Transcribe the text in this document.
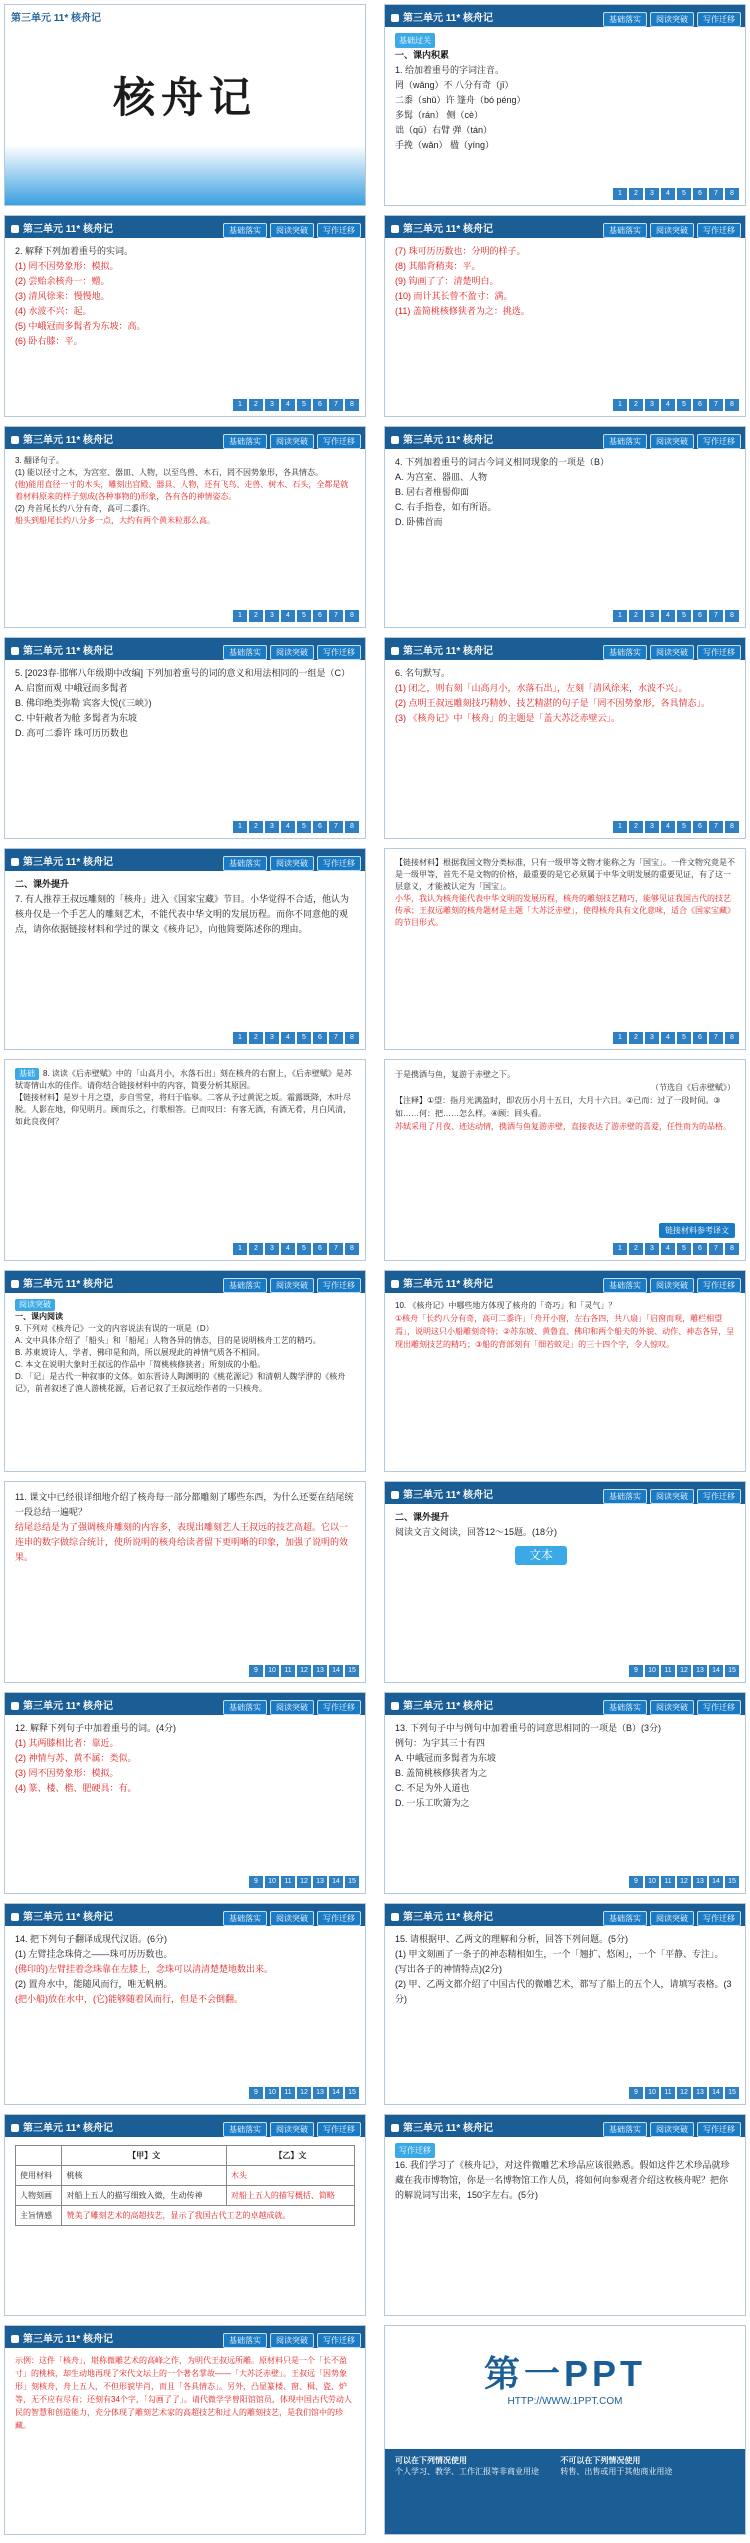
第三单元 11* 核舟记
核舟记
第三单元 11* 核舟记	基础落实 阅读突破 写作迁移
基础过关
一、课内积累
1. 给加着重号的字词注音。
罔（wǎng）不 八分有奇（jī）
二黍（shǔ）许 篷舟（bó péng）
多髯（rán） 侧（cè）
诎（qū）右臂 弹（tán）
手挽（wǎn） 楹（yíng）
1 2 3 4 5 6 7 8
第三单元 11* 核舟记	基础落实 阅读突破 写作迁移
2. 解释下列加着重号的实词。
(1) 罔不因势象形：模拟。
(2) 尝贻余核舟一：赠。
(3) 清风徐来：慢慢地。
(4) 水波不兴：起。
(5) 中峨冠而多髯者为东坡：高。
(6) 卧右膝：平。
1 2 3 4 5 6 7 8
第三单元 11* 核舟记	基础落实 阅读突破 写作迁移
(7) 珠可历历数也：分明的样子。
(8) 其船背稍夷：平。
(9) 钩画了了：清楚明白。
(10) 而计其长曾不盈寸：满。
(11) 盖简桃核修狭者为之：挑选。
1 2 3 4 5 6 7 8
第三单元 11* 核舟记	基础落实 阅读突破 写作迁移
3. 翻译句子。
(1) 能以径寸之木，为宫室、器皿、人物，以至鸟兽、木石，罔不因势象形，各具情态。
(他)能用直径一寸的木头，雕刻出宫殿、器具、人物，还有飞鸟、走兽、树木、石头，全都是就着材料原来的样子刻成(各种事物的)形象，各有各的神情姿态。
(2) 舟首尾长约八分有奇，高可二黍许。
船头到船尾长约八分多一点，大约有两个黄米粒那么高。
1 2 3 4 5 6 7 8
第三单元 11* 核舟记	基础落实 阅读突破 写作迁移
4. 下列加着重号的词古今词义相同现象的一项是（B）
A. 为宫室、器皿、人物
B. 居右者椎髻仰面
C. 右手指卷，如有所语。
D. 卧佛首而
1 2 3 4 5 6 7 8
第三单元 11* 核舟记	基础落实 阅读突破 写作迁移
5. [2023春·邯郸八年级期中改编] 下列加着重号的词的意义和用法相同的一组是（C）
A. 启窗而观 中峨冠而多髯者
B. 佛印绝类弥勒 宾客大悦(《三峡》)
C. 中轩敞者为舱 多髯者为东坡
D. 高可二黍许 珠可历历数也
1 2 3 4 5 6 7 8
第三单元 11* 核舟记	基础落实 阅读突破 写作迁移
6. 名句默写。
(1) 闭之，则右刻「山高月小，水落石出」，左刻「清风徐来，水波不兴」。
(2) 点明王叔远雕刻技巧精妙、技艺精湛的句子是「罔不因势象形，各具情态」。
(3) 《核舟记》中「核舟」的主题是「盖大苏泛赤壁云」。
1 2 3 4 5 6 7 8
第三单元 11* 核舟记	基础落实 阅读突破 写作迁移
二、课外提升
7. 有人推荐王叔远雕刻的「核舟」进入《国家宝藏》节目。小华觉得不合适，他认为核舟仅是一个手艺人的雕刻艺术，不能代表中华文明的发展历程。而你不同意他的观点，请你依据链接材料和学过的课文《核舟记》，向他简要陈述你的理由。
1 2 3 4 5 6 7 8
【链接材料】根据我国文物分类标准，只有一级甲等文物才能称之为「国宝」。一件文物究竟是不是一级甲等，首先不是文物的价格，最重要的是它必须属于中华文明发展的重要见证，有了这一层意义，才能被认定为「国宝」。
小华，我认为核舟能代表中华文明的发展历程，核舟的雕刻技艺精巧，能够见证我国古代的技艺传承；王叔远雕刻的核舟题材是主题「大苏泛赤壁」，使得核舟具有文化意味，适合《国家宝藏》的节目形式。
1 2 3 4 5 6 7 8
基础 8. 读读《后赤壁赋》中的「山高月小，水落石出」刻在核舟的右窗上，《后赤壁赋》是苏轼寄情山水的佳作。请你结合链接材料中的内容，简要分析其原因。
【链接材料】是岁十月之望，步自雪堂，将归于临皋。二客从予过黄泥之坂。霜露既降，木叶尽脱。人影在地，仰见明月。顾而乐之，行歌相答。已而叹曰：有客无酒，有酒无肴，月白风清，如此良夜何？
1 2 3 4 5 6 7 8
于是携酒与鱼，复游于赤壁之下。
（节选自《后赤壁赋》）
【注释】①望：指月光满盈时，即农历小月十五日，大月十六日。②已而：过了一段时间。③如……何：把……怎么样。④顾：回头看。
苏轼采用了月夜、迹达动情，携酒与鱼复游赤壁，直接表达了游赤壁的喜爱，任性而为的品格。
链接材料参考译文
1 2 3 4 5 6 7 8
第三单元 11* 核舟记	基础落实 阅读突破 写作迁移
阅读突破
一、课内阅读
9. 下列对《核舟记》一文的内容说法有误的一项是（D）
A. 文中具体介绍了「船头」和「船尾」人物各异的情态，目的是说明核舟工艺的精巧。
B. 苏東坡诗人、学者、佛印是和尚，所以展现此的神情气质各不相同。
C. 本文在说明大象时王叔远的作品中「简桃核修狭者」所刻成的小船。
D. 「记」是古代一种叙事的文体。如东晋诗人陶渊明的《桃花源记》和清朝人魏学洢的《核舟记》，前者叙述了渔人游桃花源，后者记叙了王叔远绘作者的一只核舟。
第三单元 11* 核舟记	基础落实 阅读突破 写作迁移
10. 《核舟记》中哪些地方体现了核舟的「奇巧」和「灵气」？
①核舟「长约八分有奇，高可二黍许」「舟开小窗，左右各四，共八扇」「启窗而观，雕栏相望焉」，说明这只小船雕刻奇特；②苏东坡、黄鲁直、佛印和两个船夫的外貌、动作、神态各异，呈现出雕刻技艺的精巧；③船的背部刻有「细若蚊足」的三十四个字，令人惊叹。
11. 课文中已经很详细地介绍了核舟每一部分都雕刻了哪些东西，为什么还要在结尾统一段总结一遍呢？
结尾总结是为了强调核舟雕刻的内容多，表现出雕刻艺人王叔远的技艺高超。它以一连串的数字做综合统计，使所说明的核舟给读者留下更明晰的印象，加强了说明的效果。
9 10 11 12 13 14 15
第三单元 11* 核舟记	基础落实 阅读突破 写作迁移
二、课外提升
阅读文言文阅读，回答12～15题。(18分)
文本
9 10 11 12 13 14 15
第三单元 11* 核舟记	基础落实 阅读突破 写作迁移
12. 解释下列句子中加着重号的词。(4分)
(1) 其两膝相比者：靠近。
(2) 神情与苏、黄不属：类似。
(3) 罔不因势象形：模拟。
(4) 篆、楼、楷、肥硬具：有。
9 10 11 12 13 14 15
第三单元 11* 核舟记	基础落实 阅读突破 写作迁移
13. 下列句子中与例句中加着重号的词意思相同的一项是（B）(3分)
例句：为宇其三十有四
A. 中峨冠而多髯者为东坡
B. 盖简桃核修狭者为之
C. 不足为外人道也
D. 一乐工吹箫为之
9 10 11 12 13 14 15
第三单元 11* 核舟记	基础落实 阅读突破 写作迁移
14. 把下列句子翻译成现代汉语。(6分)
(1) 左臂挂念珠倚之——珠可历历数也。
(佛印的)左臂挂着念珠靠在左膝上，念珠可以清清楚楚地数出来。
(2) 置舟水中，能随风而行，唯无帆柄。
(把小船)放在水中，(它)能够随着风而行，但是不会倒翻。
9 10 11 12 13 14 15
第三单元 11* 核舟记	基础落实 阅读突破 写作迁移
15. 请根据甲、乙两文的理解和分析，回答下列问题。(5分)
(1) 甲文刻画了一条子的神态精相如生，一个「翘扩、悠闲」，一个「平静、专注」。(写出各子的神情特点)(2分)
(2) 甲、乙两文都介绍了中国古代的微雕艺术，都写了船上的五个人，请填写表格。(3分)
9 10 11 12 13 14 15
第三单元 11* 核舟记	基础落实 阅读突破 写作迁移
	【甲】文	【乙】文
使用材料	桃核	木头
人物刻画	对船上五人的描写细致入微，生动传神	对船上五人的描写概括、简略
主旨情感	赞美了雕刻艺术的高超技艺，显示了我国古代工艺的卓越成就。	
第三单元 11* 核舟记	基础落实 阅读突破 写作迁移
写作迁移
16. 我们学习了《核舟记》，对这件微雕艺术珍品应该很熟悉。假如这件艺术珍品就珍藏在我市博物馆，你是一名博物馆工作人员，将如何向参观者介绍这枚核舟呢？把你的解说词写出来，150字左右。(5分)
第三单元 11* 核舟记	基础落实 阅读突破 写作迁移
示例：这件「核舟」，堪称微雕艺术的高峰之作，为明代王叔远所雕。原材料只是一个「长不盈寸」的桃核，却生动地再现了宋代文坛上的一个著名掌故——「大苏泛赤壁」。王叔远「因势象形」刻核舟，舟上五人，不但形貌毕肖，而且「各具情态」。另外，凸显篆楼、窗、楫、瓷、炉等，无不应有尽有；还刻有34个字，「勾画了了」。请代微学学曾阳馆馆员，体现中国古代劳动人民的智慧和创造能力，充分体现了雕刻艺术家的高超技艺和过人的雕刻技艺，是我们馆中的珍藏。
第一PPT
HTTP://WWW.1PPT.COM
可以在下列情况使用
个人学习、教学、工作汇报等非商业用途

不可以在下列情况使用
转售、出售或用于其他商业用途
